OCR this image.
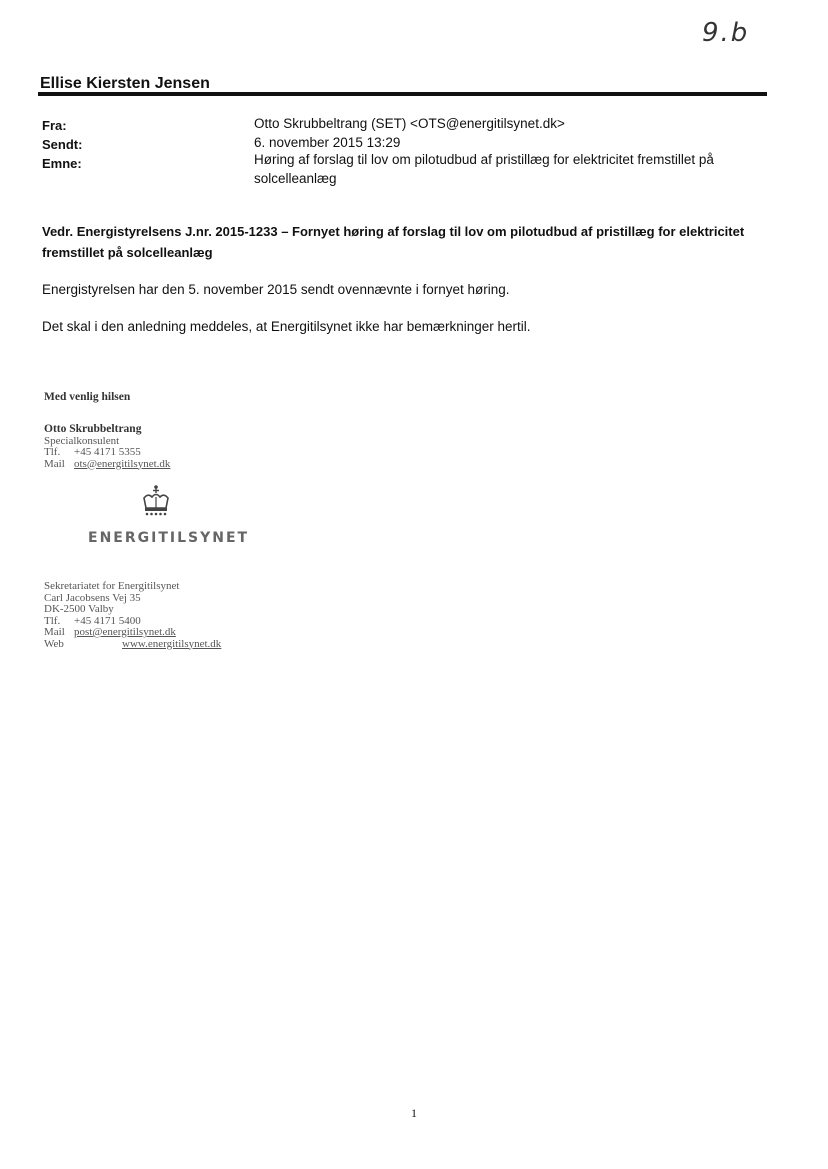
9.b
Ellise Kiersten Jensen
Fra:	Otto Skrubbeltrang (SET) <OTS@energitilsynet.dk>
Sendt:	6. november 2015 13:29
Emne:	Høring af forslag til lov om pilotudbud af pristillæg for elektricitet fremstillet på solcelleanlæg
Vedr. Energistyrelsens J.nr. 2015-1233 – Fornyet høring af forslag til lov om pilotudbud af pristillæg for elektricitet fremstillet på solcelleanlæg
Energistyrelsen har den 5. november 2015 sendt ovennævnte i fornyet høring.
Det skal i den anledning meddeles, at Energitilsynet ikke har bemærkninger hertil.
Med venlig hilsen
Otto Skrubbeltrang
Specialkonsulent
Tlf.	+45 4171 5355
Mail ots@energitilsynet.dk
ENERGITILSYNET
Sekretariatet for Energitilsynet
Carl Jacobsens Vej 35
DK-2500 Valby
Tlf.	+45 4171 5400
Mail post@energitilsynet.dk
Web	www.energitilsynet.dk
1
